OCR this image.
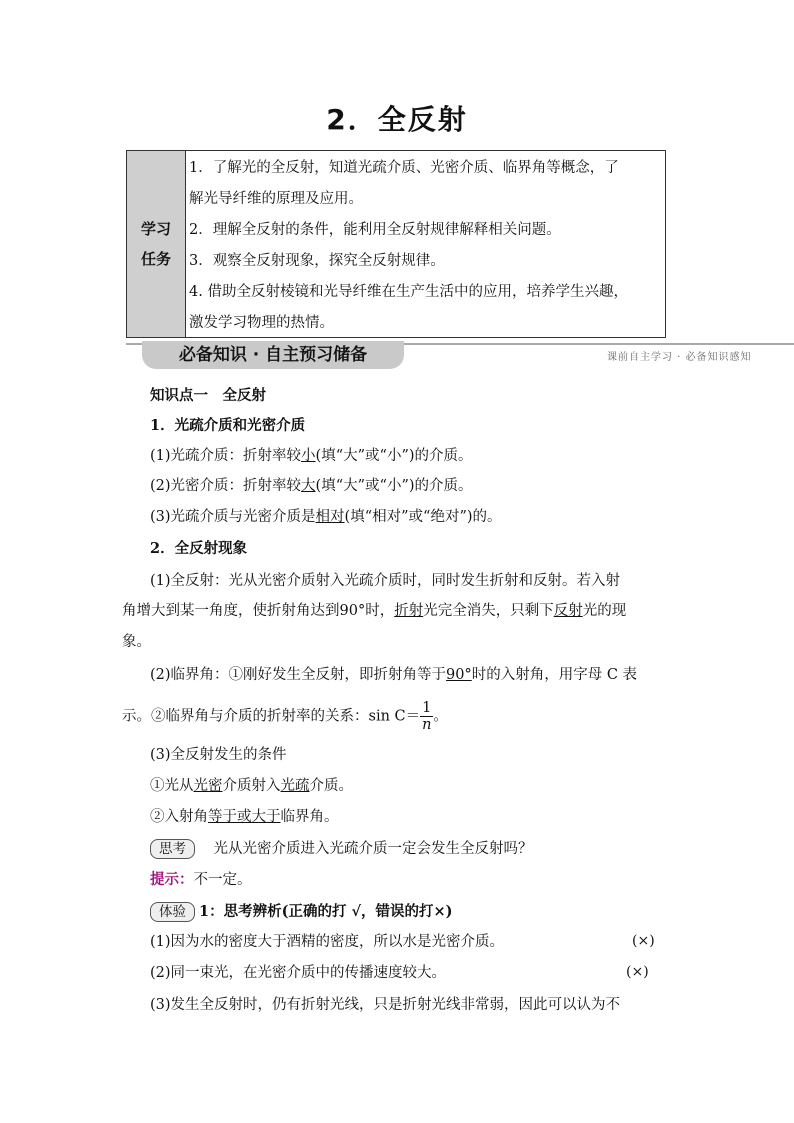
2．全反射
学习
任务
1．了解光的全反射，知道光疏介质、光密介质、临界角等概念，了
解光导纤维的原理及应用。
2．理解全反射的条件，能利用全反射规律解释相关问题。
3．观察全反射现象，探究全反射规律。
4. 借助全反射棱镜和光导纤维在生产生活中的应用，培养学生兴趣，
激发学习物理的热情。
必备知识 · 自主预习储备	课前自主学习 · 必备知识感知
知识点一　全反射
1．光疏介质和光密介质
(1)光疏介质：折射率较小(填“大”或“小”)的介质。
(2)光密介质：折射率较大(填“大”或“小”)的介质。
(3)光疏介质与光密介质是相对(填“相对”或“绝对”)的。
2．全反射现象
(1)全反射：光从光密介质射入光疏介质时，同时发生折射和反射。若入射
角增大到某一角度，使折射角达到90°时，折射光完全消失，只剩下反射光的现
象。
(2)临界角：①刚好发生全反射，即折射角等于90°时的入射角，用字母 C 表
示。②临界角与介质的折射率的关系：$\sin C= \frac{1}{n}$ 。
(3)全反射发生的条件
①光从光密介质射入光疏介质。
②入射角等于或大于临界角。
思考　光从光密介质进入光疏介质一定会发生全反射吗？
提示：不一定。
体验 1：思考辨析(正确的打 √，错误的打×)
(1)因为水的密度大于酒精的密度，所以水是光密介质。	(×)
(2)同一束光，在光密介质中的传播速度较大。	(×)
(3)发生全反射时，仍有折射光线，只是折射光线非常弱，因此可以认为不
